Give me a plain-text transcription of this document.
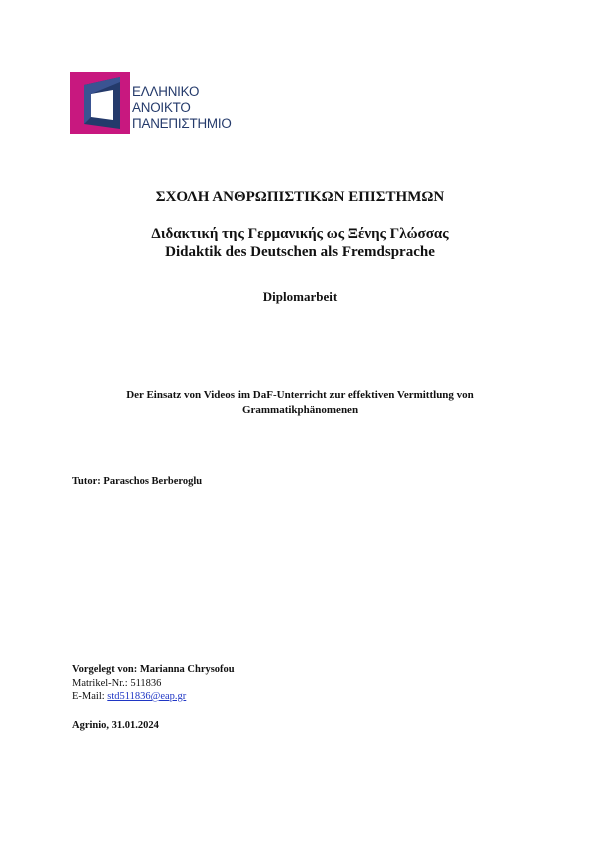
ΕΛΛΗΝΙΚΟ
ΑΝΟΙΚΤΟ
ΠΑΝΕΠΙΣΤΗΜΙΟ
ΣΧΟΛΗ ΑΝΘΡΩΠΙΣΤΙΚΩΝ ΕΠΙΣΤΗΜΩΝ
Διδακτική της Γερμανικής ως Ξένης Γλώσσας
Didaktik des Deutschen als Fremdsprache
Diplomarbeit
Der Einsatz von Videos im DaF-Unterricht zur effektiven Vermittlung von
Grammatikphänomenen
Tutor: Paraschos Berberoglu
Vorgelegt von: Marianna Chrysofou
Matrikel-Nr.: 511836
E-Mail: std511836@eap.gr
Agrinio, 31.01.2024
